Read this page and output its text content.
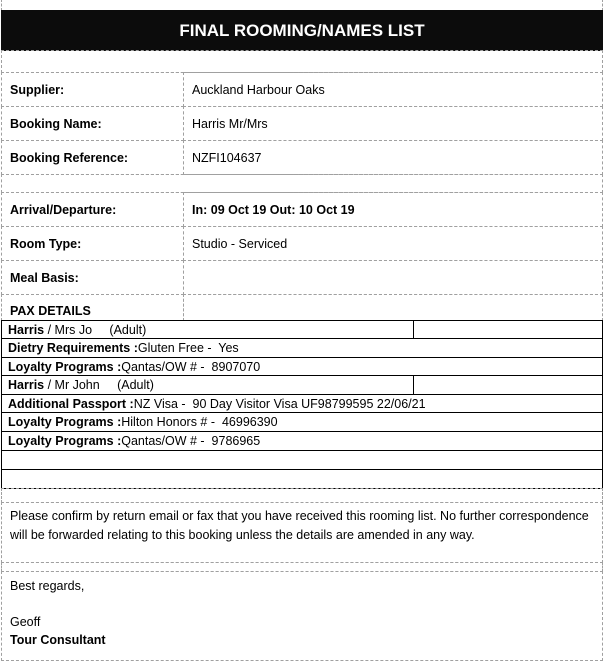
FINAL ROOMING/NAMES LIST
Supplier:	Auckland Harbour Oaks
Booking Name:	Harris Mr/Mrs
Booking Reference:	NZFI104637
Arrival/Departure:	In: 09 Oct 19 Out: 10 Oct 19
Room Type:	Studio - Serviced
Meal Basis:
PAX DETAILS
Harris / Mrs Jo     (Adult)
Dietry Requirements : Gluten Free -  Yes
Loyalty Programs : Qantas/OW # -  8907070
Harris / Mr John     (Adult)
Additional Passport : NZ Visa -  90 Day Visitor Visa UF98799595 22/06/21
Loyalty Programs : Hilton Honors # -  46996390
Loyalty Programs : Qantas/OW # -  9786965
Please confirm by return email or fax that you have received this rooming list. No further correspondence will be forwarded relating to this booking unless the details are amended in any way.
Best regards,
Geoff
Tour Consultant
